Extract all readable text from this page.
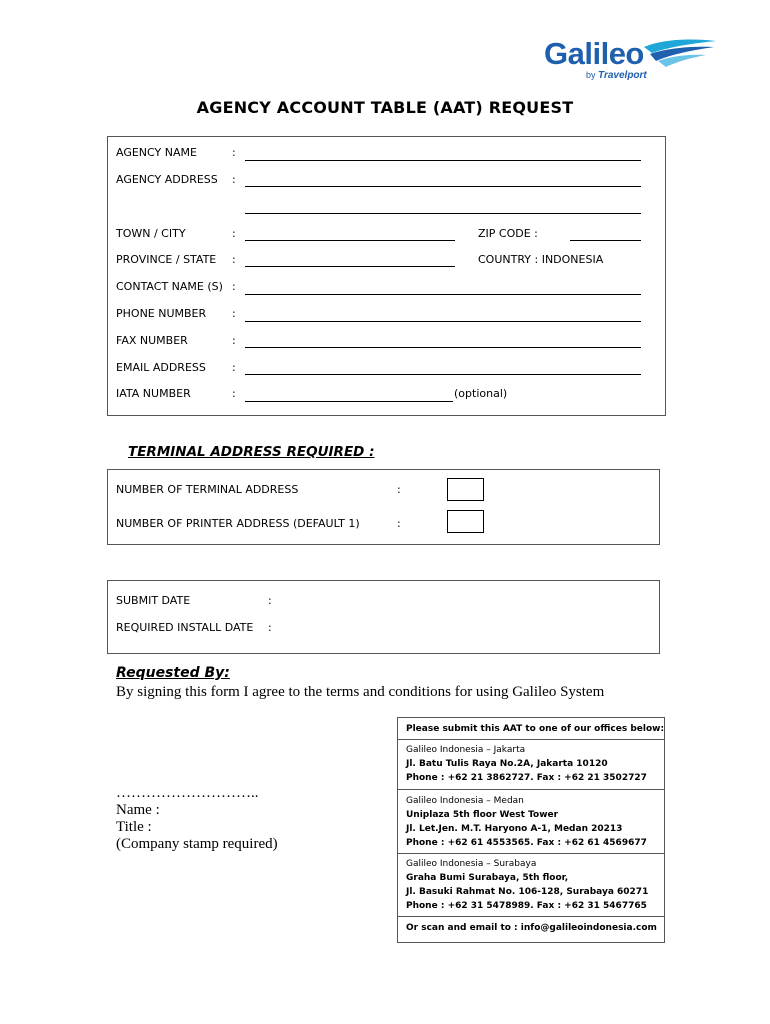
Galileo
by Travelport
AGENCY ACCOUNT TABLE (AAT) REQUEST
AGENCY NAME	:
AGENCY ADDRESS :
TOWN / CITY	:	ZIP CODE :
PROVINCE / STATE :	COUNTRY : INDONESIA
CONTACT NAME (S) :
PHONE NUMBER :
FAX NUMBER	:
EMAIL ADDRESS :
IATA NUMBER	:	(optional)
TERMINAL ADDRESS REQUIRED :
NUMBER OF TERMINAL ADDRESS	:
NUMBER OF PRINTER ADDRESS (DEFAULT 1)	:
SUBMIT DATE	:
REQUIRED INSTALL DATE :
Requested By:
By signing this form I agree to the terms and conditions for using Galileo System
………………………..
Name :
Title :
(Company stamp required)
Please submit this AAT to one of our offices below:
Galileo Indonesia – Jakarta
Jl. Batu Tulis Raya No.2A, Jakarta 10120
Phone : +62 21 3862727. Fax : +62 21 3502727
Galileo Indonesia – Medan
Uniplaza 5th floor West Tower
Jl. Let.Jen. M.T. Haryono A-1, Medan 20213
Phone : +62 61 4553565. Fax : +62 61 4569677
Galileo Indonesia – Surabaya
Graha Bumi Surabaya, 5th floor,
Jl. Basuki Rahmat No. 106-128, Surabaya 60271
Phone : +62 31 5478989. Fax : +62 31 5467765
Or scan and email to : info@galileoindonesia.com
